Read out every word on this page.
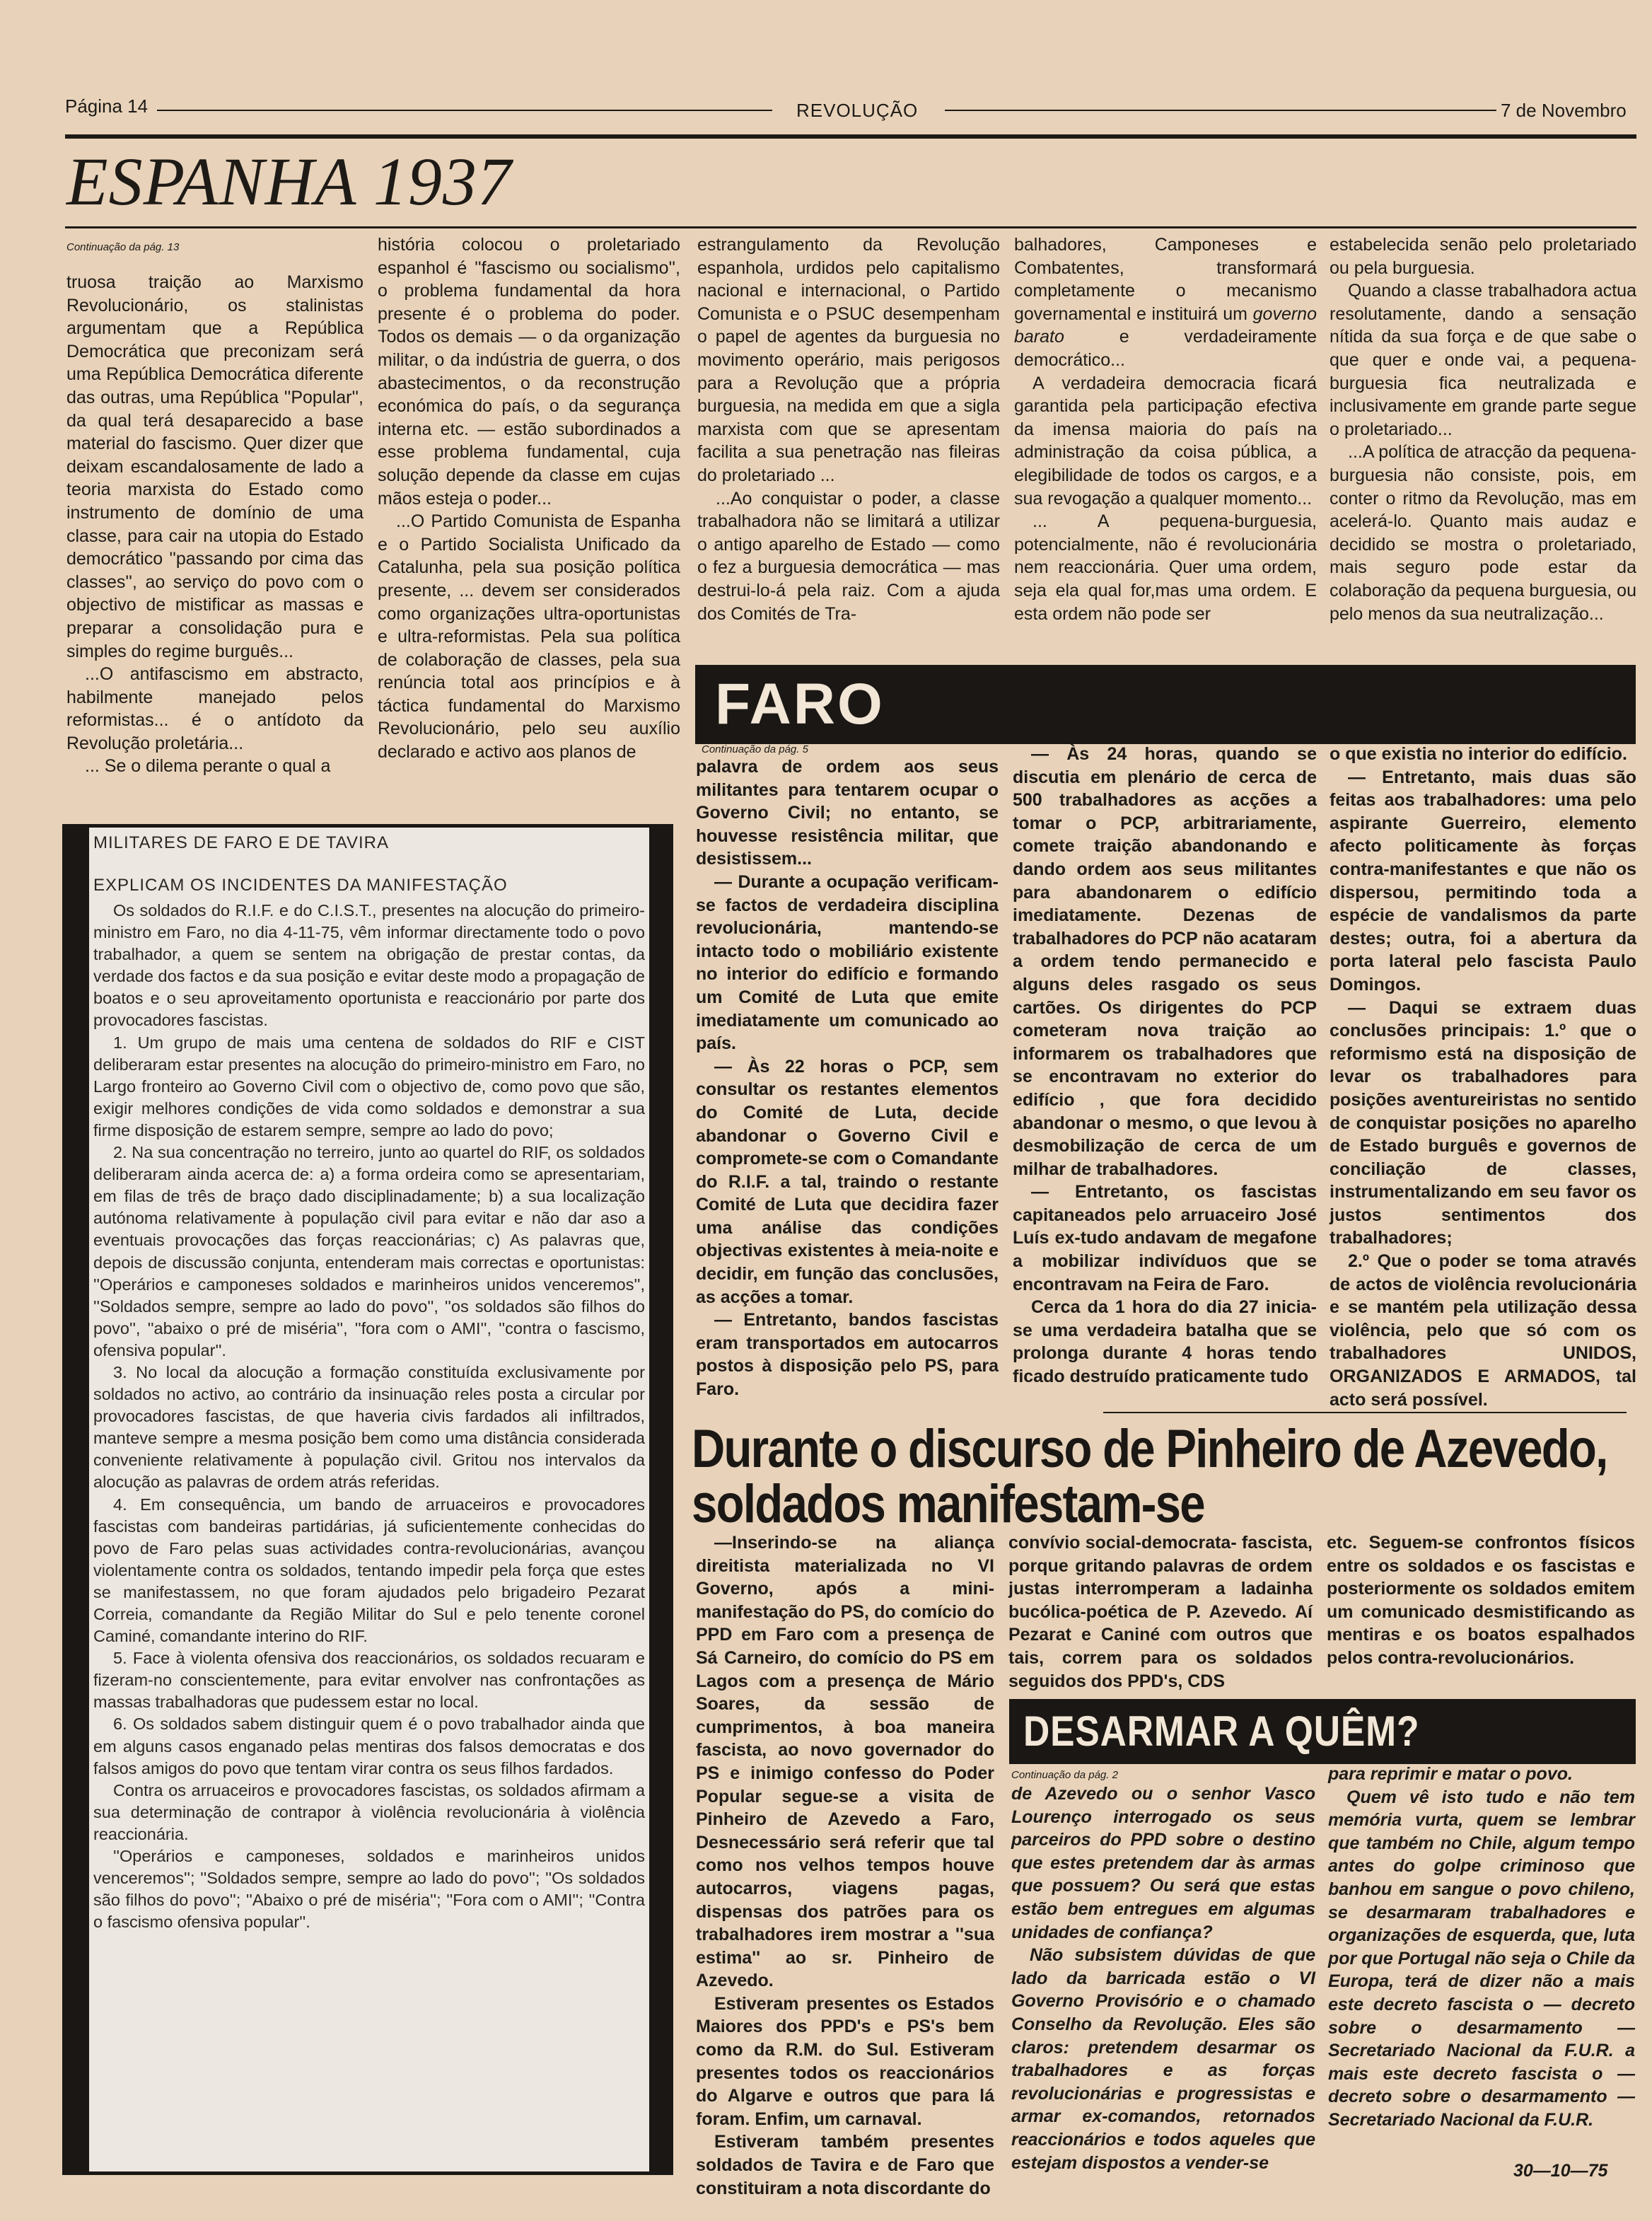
Página 14	REVOLUÇÃO	7 de Novembro
ESPANHA 1937
Continuação da pág. 13

truosa traição ao Marxismo Revolucionário, os stalinistas argumentam que a República Democrática que preconizam será uma República Democrática diferente das outras, uma República ''Popular'', da qual terá desaparecido a base material do fascismo. Quer dizer que deixam escandalosamente de lado a teoria marxista do Estado como instrumento de domínio de uma classe, para cair na utopia do Estado democrático ''passando por cima das classes'', ao serviço do povo com o objectivo de mistificar as massas e preparar a consolidação pura e simples do regime burguês...

...O antifascismo em abstracto, habilmente manejado pelos reformistas... é o antídoto da Revolução proletária...

... Se o dilema perante o qual a

história colocou o proletariado espanhol é ''fascismo ou socialismo'', o problema fundamental da hora presente é o problema do poder. Todos os demais — o da organização militar, o da indústria de guerra, o dos abastecimentos, o da reconstrução económica do país, o da segurança interna etc. — estão subordinados a esse problema fundamental, cuja solução depende da classe em cujas mãos esteja o poder...

...O Partido Comunista de Espanha e o Partido Socialista Unificado da Catalunha, pela sua posição política presente, ... devem ser considerados como organizações ultra-oportunistas e ultra-reformistas. Pela sua política de colaboração de classes, pela sua renúncia total aos princípios e à táctica fundamental do Marxismo Revolucionário, pelo seu auxílio declarado e activo aos planos de

estrangulamento da Revolução espanhola, urdidos pelo capitalismo nacional e internacional, o Partido Comunista e o PSUC desempenham o papel de agentes da burguesia no movimento operário, mais perigosos para a Revolução que a própria burguesia, na medida em que a sigla marxista com que se apresentam facilita a sua penetração nas fileiras do proletariado ...

...Ao conquistar o poder, a classe trabalhadora não se limitará a utilizar o antigo aparelho de Estado — como o fez a burguesia democrática — mas destrui-lo-á pela raiz. Com a ajuda dos Comités de Tra-

balhadores, Camponeses e Combatentes, transformará completamente o mecanismo governamental e instituirá um governo barato e verdadeiramente democrático...

A verdadeira democracia ficará garantida pela participação efectiva da imensa maioria do país na administração da coisa pública, a elegibilidade de todos os cargos, e a sua revogação a qualquer momento...

... A pequena-burguesia, potencialmente, não é revolucionária nem reaccionária. Quer uma ordem, seja ela qual for,mas uma ordem. E esta ordem não pode ser

estabelecida senão pelo proletariado ou pela burguesia.

Quando a classe trabalhadora actua resolutamente, dando a sensação nítida da sua força e de que sabe o que quer e onde vai, a pequena-burguesia fica neutralizada e inclusivamente em grande parte segue o proletariado...

...A política de atracção da pequena-burguesia não consiste, pois, em conter o ritmo da Revolução, mas em acelerá-lo. Quanto mais audaz e decidido se mostra o proletariado, mais seguro pode estar da colaboração da pequena burguesia, ou pelo menos da sua neutralização...

MILITARES DE FARO E DE TAVIRA
EXPLICAM OS INCIDENTES DA MANIFESTAÇÃO

Os soldados do R.I.F. e do C.I.S.T., presentes na alocução do primeiro-ministro em Faro, no dia 4-11-75, vêm informar directamente todo o povo trabalhador, a quem se sentem na obrigação de prestar contas, da verdade dos factos e da sua posição e evitar deste modo a propagação de boatos e o seu aproveitamento oportunista e reaccionário por parte dos provocadores fascistas.

1. Um grupo de mais uma centena de soldados do RIF e CIST deliberaram estar presentes na alocução do primeiro-ministro em Faro, no Largo fronteiro ao Governo Civil com o objectivo de, como povo que são, exigir melhores condições de vida como soldados e demonstrar a sua firme disposição de estarem sempre, sempre ao lado do povo;

2. Na sua concentração no terreiro, junto ao quartel do RIF, os soldados deliberaram ainda acerca de: a) a forma ordeira como se apresentariam, em filas de três de braço dado disciplinadamente; b) a sua localização autónoma relativamente à população civil para evitar e não dar aso a eventuais provocações das forças reaccionárias; c) As palavras que, depois de discussão conjunta, entenderam mais correctas e oportunistas: ''Operários e camponeses soldados e marinheiros unidos venceremos'', ''Soldados sempre, sempre ao lado do povo'', ''os soldados são filhos do povo'', ''abaixo o pré de miséria'', ''fora com o AMI'', ''contra o fascismo, ofensiva popular''.

3. No local da alocução a formação constituída exclusivamente por soldados no activo, ao contrário da insinuação reles posta a circular por provocadores fascistas, de que haveria civis fardados ali infiltrados, manteve sempre a mesma posição bem como uma distância considerada conveniente relativamente à população civil. Gritou nos intervalos da alocução as palavras de ordem atrás referidas.

4. Em consequência, um bando de arruaceiros e provocadores fascistas com bandeiras partidárias, já suficientemente conhecidas do povo de Faro pelas suas actividades contra-revolucionárias, avançou violentamente contra os soldados, tentando impedir pela força que estes se manifestassem, no que foram ajudados pelo brigadeiro Pezarat Correia, comandante da Região Militar do Sul e pelo tenente coronel Caminé, comandante interino do RIF.

5. Face à violenta ofensiva dos reaccionários, os soldados recuaram e fizeram-no conscientemente, para evitar envolver nas confrontações as massas trabalhadoras que pudessem estar no local.

6. Os soldados sabem distinguir quem é o povo trabalhador ainda que em alguns casos enganado pelas mentiras dos falsos democratas e dos falsos amigos do povo que tentam virar contra os seus filhos fardados.

Contra os arruaceiros e provocadores fascistas, os soldados afirmam a sua determinação de contrapor à violência revolucionária à violência reaccionária.

''Operários e camponeses, soldados e marinheiros unidos venceremos''; ''Soldados sempre, sempre ao lado do povo''; ''Os soldados são filhos do povo''; ''Abaixo o pré de miséria''; ''Fora com o AMI''; ''Contra o fascismo ofensiva popular''.

FARO
Continuação da pág. 5

palavra de ordem aos seus militantes para tentarem ocupar o Governo Civil; no entanto, se houvesse resistência militar, que desistissem...

— Durante a ocupação verificam-se factos de verdadeira disciplina revolucionária, mantendo-se intacto todo o mobiliário existente no interior do edifício e formando um Comité de Luta que emite imediatamente um comunicado ao país.

— Às 22 horas o PCP, sem consultar os restantes elementos do Comité de Luta, decide abandonar o Governo Civil e compromete-se com o Comandante do R.I.F. a tal, traindo o restante Comité de Luta que decidira fazer uma análise das condições objectivas existentes à meia-noite e decidir, em função das conclusões, as acções a tomar.

— Entretanto, bandos fascistas eram transportados em autocarros postos à disposição pelo PS, para Faro.

— Às 24 horas, quando se discutia em plenário de cerca de 500 trabalhadores as acções a tomar o PCP, arbitrariamente, comete traição abandonando e dando ordem aos seus militantes para abandonarem o edifício imediatamente. Dezenas de trabalhadores do PCP não acataram a ordem tendo permanecido e alguns deles rasgado os seus cartões. Os dirigentes do PCP cometeram nova traição ao informarem os trabalhadores que se encontravam no exterior do edifício , que fora decidido abandonar o mesmo, o que levou à desmobilização de cerca de um milhar de trabalhadores.

— Entretanto, os fascistas capitaneados pelo arruaceiro José Luís ex-tudo andavam de megafone a mobilizar indivíduos que se encontravam na Feira de Faro.

Cerca da 1 hora do dia 27 inicia-se uma verdadeira batalha que se prolonga durante 4 horas tendo ficado destruído praticamente tudo

o que existia no interior do edifício.

— Entretanto, mais duas são feitas aos trabalhadores: uma pelo aspirante Guerreiro, elemento afecto politicamente às forças contra-manifestantes e que não os dispersou, permitindo toda a espécie de vandalismos da parte destes; outra, foi a abertura da porta lateral pelo fascista Paulo Domingos.

— Daqui se extraem duas conclusões principais: 1.º que o reformismo está na disposição de levar os trabalhadores para posições aventureiristas no sentido de conquistar posições no aparelho de Estado burguês e governos de conciliação de classes, instrumentalizando em seu favor os justos sentimentos dos trabalhadores;

2.º Que o poder se toma através de actos de violência revolucionária e se mantém pela utilização dessa violência, pelo que só com os trabalhadores UNIDOS, ORGANIZADOS E ARMADOS, tal acto será possível.

Durante o discurso de Pinheiro de Azevedo,
soldados manifestam-se

—Inserindo-se na aliança direitista materializada no VI Governo, após a mini-manifestação do PS, do comício do PPD em Faro com a presença de Sá Carneiro, do comício do PS em Lagos com a presença de Mário Soares, da sessão de cumprimentos, à boa maneira fascista, ao novo governador do PS e inimigo confesso do Poder Popular segue-se a visita de Pinheiro de Azevedo a Faro, Desnecessário será referir que tal como nos velhos tempos houve autocarros, viagens pagas, dispensas dos patrões para os trabalhadores irem mostrar a ''sua estima'' ao sr. Pinheiro de Azevedo.

Estiveram presentes os Estados Maiores dos PPD's e PS's bem como da R.M. do Sul. Estiveram presentes todos os reaccionários do Algarve e outros que para lá foram. Enfim, um carnaval.

Estiveram também presentes soldados de Tavira e de Faro que constituiram a nota discordante do

convívio social-democrata- fascista, porque gritando palavras de ordem justas interromperam a ladainha bucólica-poética de P. Azevedo. Aí Pezarat e Caniné com outros que tais, correm para os soldados seguidos dos PPD's, CDS

etc. Seguem-se confrontos físicos entre os soldados e os fascistas e posteriormente os soldados emitem um comunicado desmistificando as mentiras e os boatos espalhados pelos contra-revolucionários.

DESARMAR A QUÊM?
Continuação da pág. 2

de Azevedo ou o senhor Vasco Lourenço interrogado os seus parceiros do PPD sobre o destino que estes pretendem dar às armas que possuem? Ou será que estas estão bem entregues em algumas unidades de confiança?

Não subsistem dúvidas de que lado da barricada estão o VI Governo Provisório e o chamado Conselho da Revolução. Eles são claros: pretendem desarmar os trabalhadores e as forças revolucionárias e progressistas e armar ex-comandos, retornados reaccionários e todos aqueles que estejam dispostos a vender-se

para reprimir e matar o povo.

Quem vê isto tudo e não tem memória vurta, quem se lembrar que também no Chile, algum tempo antes do golpe criminoso que banhou em sangue o povo chileno, se desarmaram trabalhadores e organizações de esquerda, que, luta por que Portugal não seja o Chile da Europa, terá de dizer não a mais este decreto fascista o — decreto sobre o desarmamento — Secretariado Nacional da F.U.R. a mais este decreto fascista o — decreto sobre o desarmamento — Secretariado Nacional da F.U.R.

30—10—75
